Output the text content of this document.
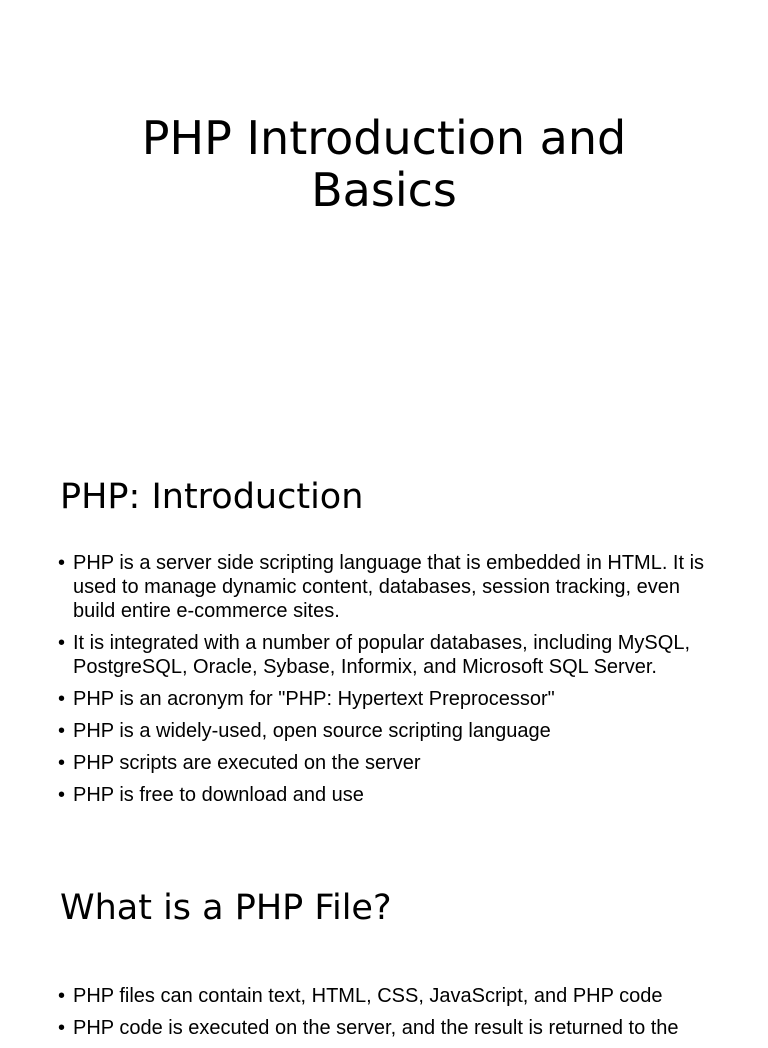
PHP Introduction and
Basics
PHP: Introduction
• PHP is a server side scripting language that is embedded in HTML. It is used to manage dynamic content, databases, session tracking, even build entire e-commerce sites.
• It is integrated with a number of popular databases, including MySQL, PostgreSQL, Oracle, Sybase, Informix, and Microsoft SQL Server.
• PHP is an acronym for "PHP: Hypertext Preprocessor"
• PHP is a widely-used, open source scripting language
• PHP scripts are executed on the server
• PHP is free to download and use
What is a PHP File?
• PHP files can contain text, HTML, CSS, JavaScript, and PHP code
• PHP code is executed on the server, and the result is returned to the
